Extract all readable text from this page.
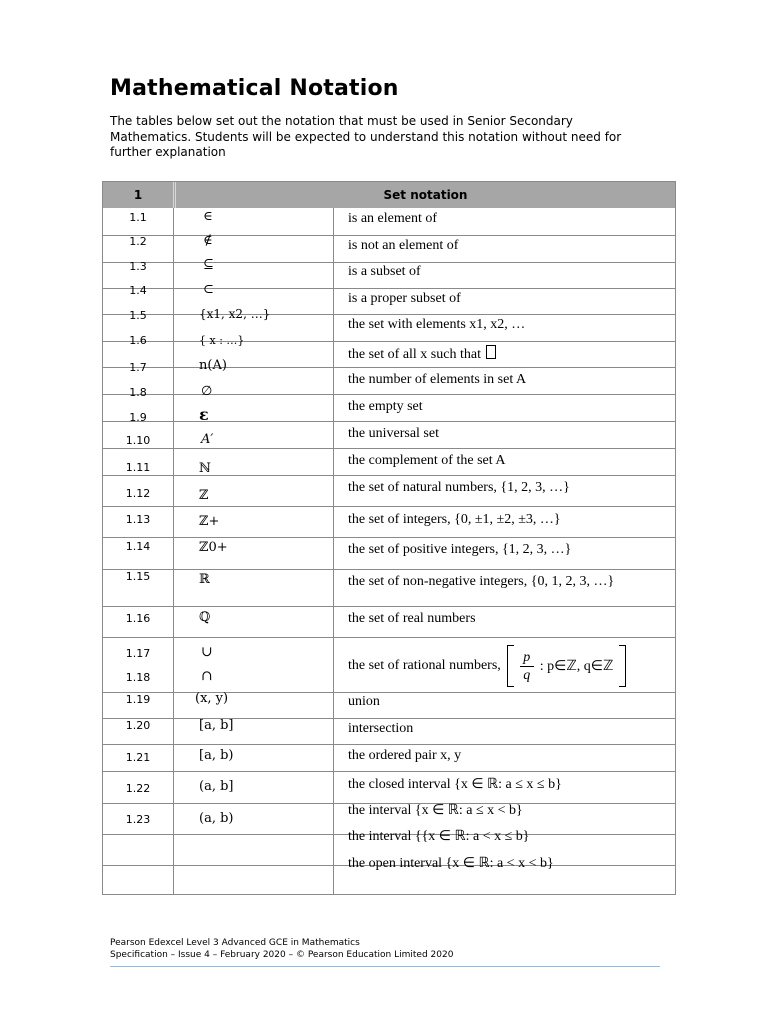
Mathematical Notation
The tables below set out the notation that must be used in Senior Secondary Mathematics. Students will be expected to understand this notation without need for further explanation
1	Set notation
1.1
1.2
1.3
1.4
1.5
1.6
1.7
1.8
1.9
1.10
1.11
1.12
1.13
1.14
1.15
1.16
1.17
1.18
1.19
1.20
1.21
1.22
1.23
∈
∉
⊆
⊂
{x1, x2, …}
{ x : …}
n(A)
∅
ε
A′
ℕ
ℤ
ℤ+
ℤ0+
ℝ
ℚ
∪
∩
(x, y)
[a, b]
[a, b)
(a, b]
(a, b)
is an element of
is not an element of
is a subset of
is a proper subset of
the set with elements x1, x2, …
the set of all x such that
the number of elements in set A
the empty set
the universal set
the complement of the set A
the set of natural numbers, {1, 2, 3, …}
the set of integers, {0, ±1, ±2, ±3, …}
the set of positive integers, {1, 2, 3, …}
the set of non-negative integers, {0, 1, 2, 3, …}
the set of real numbers
the set of rational numbers,
p
q
: p∈ℤ, q∈ℤ
union
intersection
the ordered pair x, y
the closed interval {x ∈ ℝ: a ≤ x ≤ b}
the interval {x ∈ ℝ: a ≤ x < b}
the interval {{x ∈ ℝ: a < x ≤ b}
the open interval {x ∈ ℝ: a < x < b}
Pearson Edexcel Level 3 Advanced GCE in Mathematics
Specification – Issue 4 – February 2020 – © Pearson Education Limited 2020
